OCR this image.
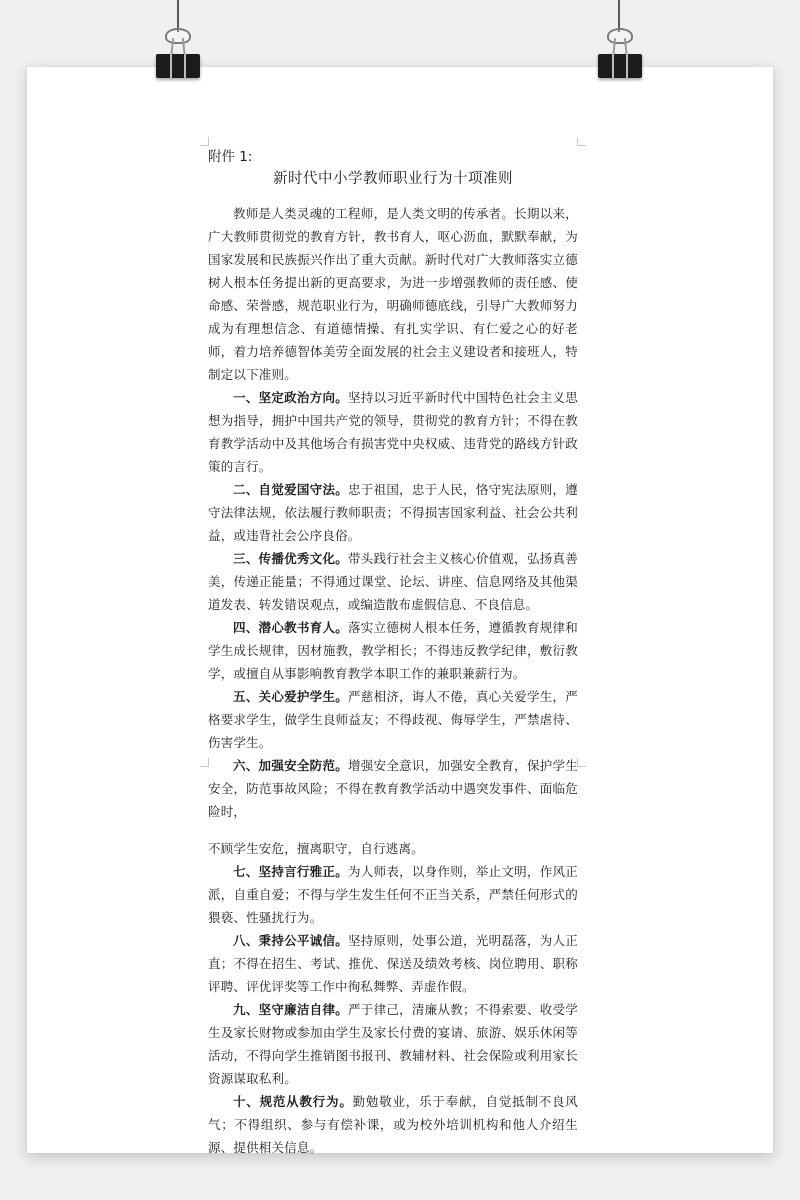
附件 1:
新时代中小学教师职业行为十项准则

教师是人类灵魂的工程师，是人类文明的传承者。长期以来，广大教师贯彻党的教育方针，教书育人，呕心沥血，默默奉献，为国家发展和民族振兴作出了重大贡献。新时代对广大教师落实立德树人根本任务提出新的更高要求，为进一步增强教师的责任感、使命感、荣誉感，规范职业行为，明确师德底线，引导广大教师努力成为有理想信念、有道德情操、有扎实学识、有仁爱之心的好老师，着力培养德智体美劳全面发展的社会主义建设者和接班人，特制定以下准则。

一、坚定政治方向。坚持以习近平新时代中国特色社会主义思想为指导，拥护中国共产党的领导，贯彻党的教育方针；不得在教育教学活动中及其他场合有损害党中央权威、违背党的路线方针政策的言行。

二、自觉爱国守法。忠于祖国，忠于人民，恪守宪法原则，遵守法律法规，依法履行教师职责；不得损害国家利益、社会公共利益，或违背社会公序良俗。

三、传播优秀文化。带头践行社会主义核心价值观，弘扬真善美，传递正能量；不得通过课堂、论坛、讲座、信息网络及其他渠道发表、转发错误观点，或编造散布虚假信息、不良信息。

四、潜心教书育人。落实立德树人根本任务，遵循教育规律和学生成长规律，因材施教，教学相长；不得违反教学纪律，敷衍教学，或擅自从事影响教育教学本职工作的兼职兼薪行为。

五、关心爱护学生。严慈相济，诲人不倦，真心关爱学生，严格要求学生，做学生良师益友；不得歧视、侮辱学生，严禁虐待、伤害学生。

六、加强安全防范。增强安全意识，加强安全教育，保护学生安全，防范事故风险；不得在教育教学活动中遇突发事件、面临危险时，

不顾学生安危，擅离职守，自行逃离。

七、坚持言行雅正。为人师表，以身作则，举止文明，作风正派，自重自爱；不得与学生发生任何不正当关系，严禁任何形式的猥亵、性骚扰行为。

八、秉持公平诚信。坚持原则，处事公道，光明磊落，为人正直；不得在招生、考试、推优、保送及绩效考核、岗位聘用、职称评聘、评优评奖等工作中徇私舞弊、弄虚作假。

九、坚守廉洁自律。严于律己，清廉从教；不得索要、收受学生及家长财物或参加由学生及家长付费的宴请、旅游、娱乐休闲等活动，不得向学生推销图书报刊、教辅材料、社会保险或利用家长资源谋取私利。

十、规范从教行为。勤勉敬业，乐于奉献，自觉抵制不良风气；不得组织、参与有偿补课，或为校外培训机构和他人介绍生源、提供相关信息。
